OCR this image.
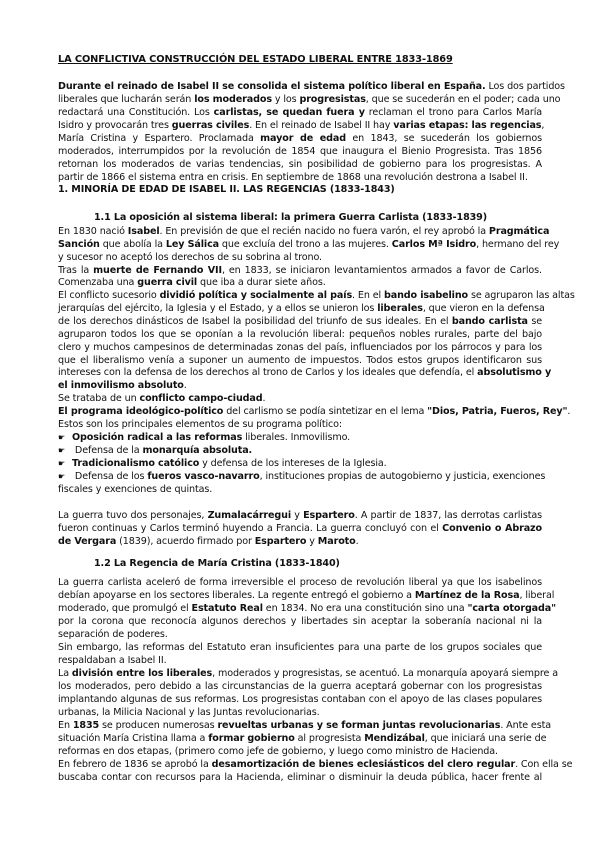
LA CONFLICTIVA CONSTRUCCIÓN DEL ESTADO LIBERAL ENTRE 1833-1869

Durante el reinado de Isabel II se consolida el sistema político liberal en España. Los dos partidos

liberales que lucharán serán los moderados y los progresistas, que se sucederán en el poder; cada uno

redactará una Constitución. Los carlistas, se quedan fuera y reclaman el trono para Carlos María

Isidro y provocarán tres guerras civiles. En el reinado de Isabel II hay varias etapas: las regencias,

María Cristina y Espartero. Proclamada mayor de edad en 1843, se sucederán los gobiernos

moderados, interrumpidos por la revolución de 1854 que inaugura el Bienio Progresista. Tras 1856

retornan los moderados de varias tendencias, sin posibilidad de gobierno para los progresistas. A

partir de 1866 el sistema entra en crisis. En septiembre de 1868 una revolución destrona a Isabel II.

1. MINORÍA DE EDAD DE ISABEL II. LAS REGENCIAS (1833-1843)

1.1 La oposición al sistema liberal: la primera Guerra Carlista (1833-1839)

En 1830 nació Isabel. En previsión de que el recién nacido no fuera varón, el rey aprobó la Pragmática

Sanción que abolía la Ley Sálica que excluía del trono a las mujeres. Carlos Mª Isidro, hermano del rey

y sucesor no aceptó los derechos de su sobrina al trono.

Tras la muerte de Fernando VII, en 1833, se iniciaron levantamientos armados a favor de Carlos.

Comenzaba una guerra civil que iba a durar siete años.

El conflicto sucesorio dividió política y socialmente al país. En el bando isabelino se agruparon las altas

jerarquías del ejército, la Iglesia y el Estado, y a ellos se unieron los liberales, que vieron en la defensa

de los derechos dinásticos de Isabel la posibilidad del triunfo de sus ideales. En el bando carlista se

agruparon todos los que se oponían a la revolución liberal: pequeños nobles rurales, parte del bajo

clero y muchos campesinos de determinadas zonas del país, influenciados por los párrocos y para los

que el liberalismo venía a suponer un aumento de impuestos. Todos estos grupos identificaron sus

intereses con la defensa de los derechos al trono de Carlos y los ideales que defendía, el absolutismo y

el inmovilismo absoluto.

Se trataba de un conflicto campo-ciudad.

El programa ideológico-político del carlismo se podía sintetizar en el lema "Dios, Patria, Fueros, Rey".

Estos son los principales elementos de su programa político:

☛ Oposición radical a las reformas liberales. Inmovilismo.

☛ Defensa de la monarquía absoluta.

☛ Tradicionalismo católico y defensa de los intereses de la Iglesia.

☛ Defensa de los fueros vasco-navarro, instituciones propias de autogobierno y justicia, exenciones

fiscales y exenciones de quintas.

La guerra tuvo dos personajes, Zumalacárregui y Espartero. A partir de 1837, las derrotas carlistas

fueron continuas y Carlos terminó huyendo a Francia. La guerra concluyó con el Convenio o Abrazo

de Vergara (1839), acuerdo firmado por Espartero y Maroto.

1.2 La Regencia de María Cristina (1833-1840)

La guerra carlista aceleró de forma irreversible el proceso de revolución liberal ya que los isabelinos

debían apoyarse en los sectores liberales. La regente entregó el gobierno a Martínez de la Rosa, liberal

moderado, que promulgó el Estatuto Real en 1834. No era una constitución sino una "carta otorgada"

por la corona que reconocía algunos derechos y libertades sin aceptar la soberanía nacional ni la

separación de poderes.

Sin embargo, las reformas del Estatuto eran insuficientes para una parte de los grupos sociales que

respaldaban a Isabel II.

La división entre los liberales, moderados y progresistas, se acentuó. La monarquía apoyará siempre a

los moderados, pero debido a las circunstancias de la guerra aceptará gobernar con los progresistas

implantando algunas de sus reformas. Los progresistas contaban con el apoyo de las clases populares

urbanas, la Milicia Nacional y las Juntas revolucionarias.

En 1835 se producen numerosas revueltas urbanas y se forman juntas revolucionarias. Ante esta

situación María Cristina llama a formar gobierno al progresista Mendizábal, que iniciará una serie de

reformas en dos etapas, (primero como jefe de gobierno, y luego como ministro de Hacienda.

En febrero de 1836 se aprobó la desamortización de bienes eclesiásticos del clero regular. Con ella se

buscaba contar con recursos para la Hacienda, eliminar o disminuir la deuda pública, hacer frente al
